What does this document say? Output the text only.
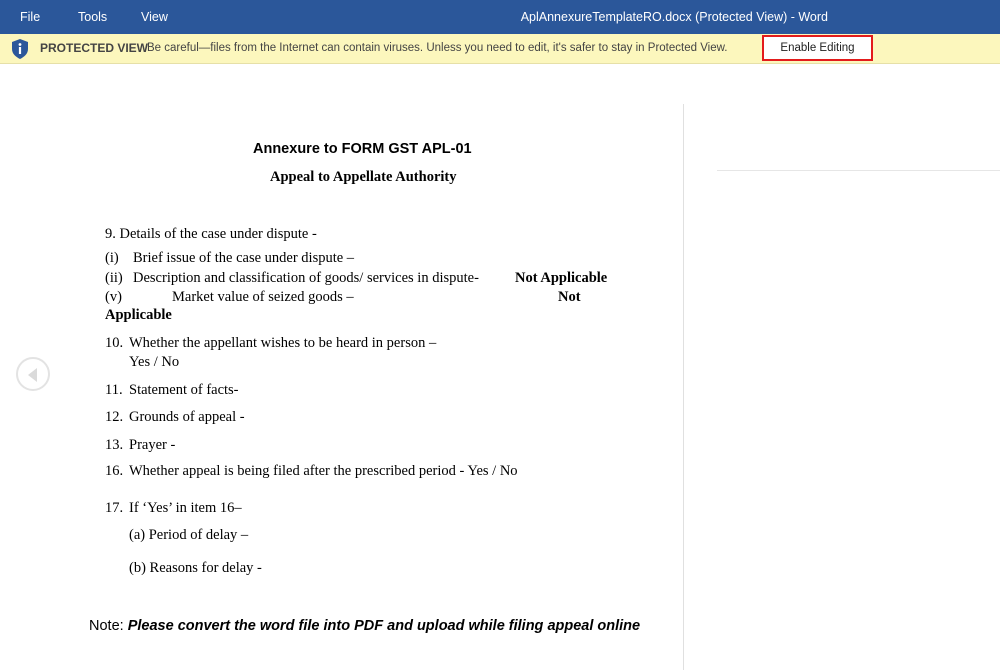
File	Tools	View	AplAnnexureTemplateRO.docx (Protected View) - Word
PROTECTED VIEW
Be careful—files from the Internet can contain viruses. Unless you need to edit, it's safer to stay in Protected View.	Enable Editing
Annexure to FORM GST APL-01
Appeal to Appellate Authority
9. Details of the case under dispute -
(i) Brief issue of the case under dispute –
(ii) Description and classification of goods/ services in dispute- Not Applicable
(v)	Market value of seized goods –	Not
Applicable
10. Whether the appellant wishes to be heard in person –
Yes / No
11. Statement of facts-
12. Grounds of appeal -
13. Prayer -
16. Whether appeal is being filed after the prescribed period - Yes / No
17. If ‘Yes’ in item 16–
(a) Period of delay –
(b) Reasons for delay -
Note: Please convert the word file into PDF and upload while filing appeal online
